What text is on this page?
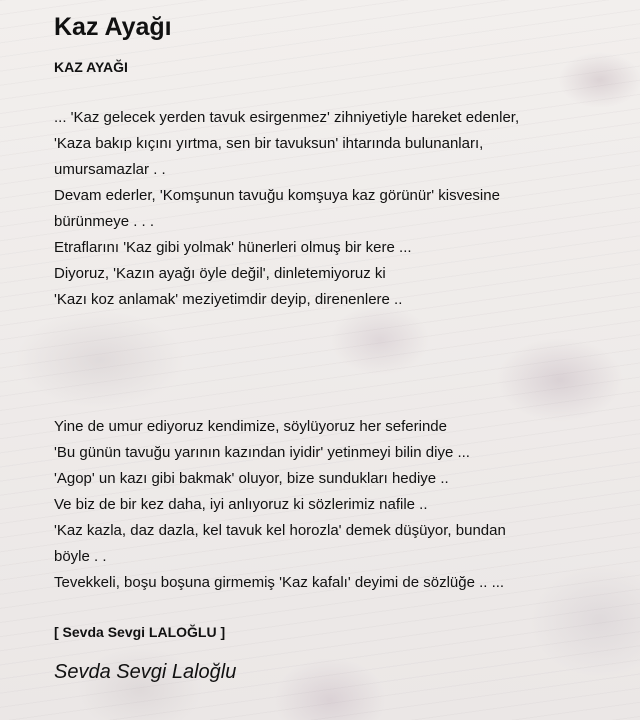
Kaz Ayağı
KAZ AYAĞI
... 'Kaz gelecek yerden tavuk esirgenmez' zihniyetiyle hareket edenler,
'Kaza bakıp kıçını yırtma, sen bir tavuksun' ihtarında bulunanları,
umursamazlar . .
Devam ederler, 'Komşunun tavuğu komşuya kaz görünür' kisvesine
bürünmeye . . .
Etraflarını 'Kaz gibi yolmak' hünerleri olmuş bir kere ...
Diyoruz, 'Kazın ayağı öyle değil', dinletemiyoruz ki
'Kazı koz anlamak' meziyetimdir deyip, direnenlere ..
Yine de umur ediyoruz kendimize, söylüyoruz her seferinde
'Bu günün tavuğu yarının kazından iyidir' yetinmeyi bilin diye ...
'Agop' un kazı gibi bakmak' oluyor, bize sundukları hediye ..
Ve biz de bir kez daha, iyi anlıyoruz ki sözlerimiz nafile ..
'Kaz kazla, daz dazla, kel tavuk kel horozla' demek düşüyor, bundan
böyle . .
Tevekkeli, boşu boşuna girmemiş 'Kaz kafalı' deyimi de sözlüğe .. ...
[ Sevda Sevgi LALOĞLU ]
Sevda Sevgi Laloğlu
